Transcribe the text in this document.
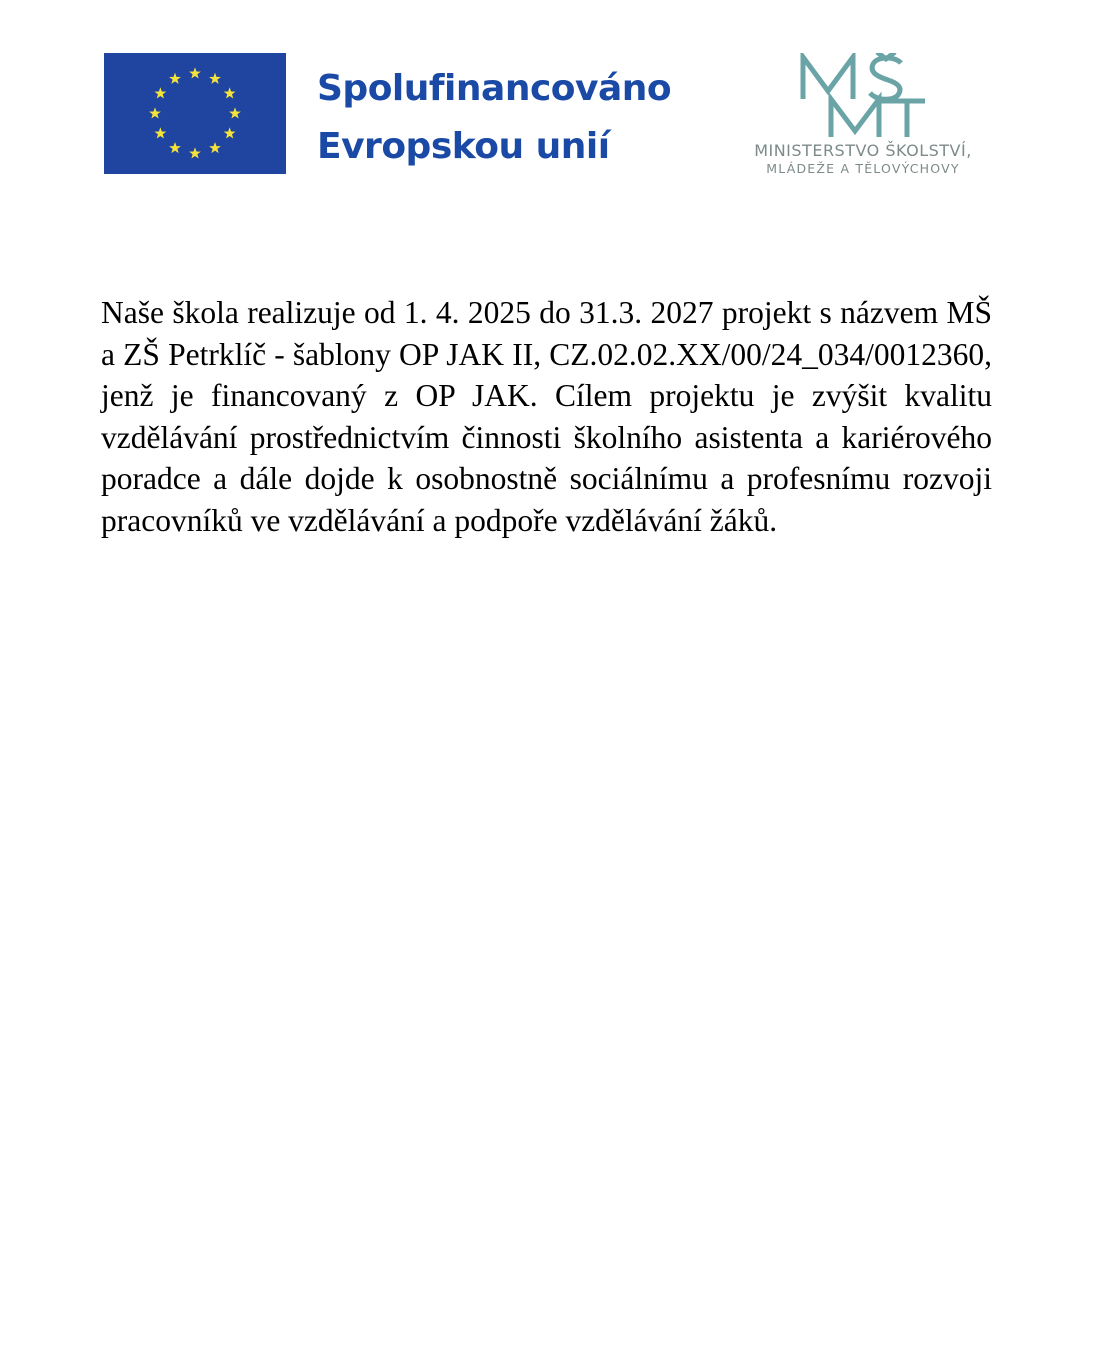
Spolufinancováno
Evropskou unií	MINISTERSTVO ŠKOLSTVÍ,
MLÁDEŽE A TĚLOVÝCHOVY

Naše škola realizuje od 1. 4. 2025 do 31.3. 2027 projekt s názvem MŠ a ZŠ Petrklíč - šablony OP JAK II, CZ.02.02.XX/00/24_034/0012360, jenž je financovaný z OP JAK. Cílem projektu je zvýšit kvalitu vzdělávání prostřednictvím činnosti školního asistenta a kariérového poradce a dále dojde k osobnostně sociálnímu a profesnímu rozvoji pracovníků ve vzdělávání a podpoře vzdělávání žáků.
